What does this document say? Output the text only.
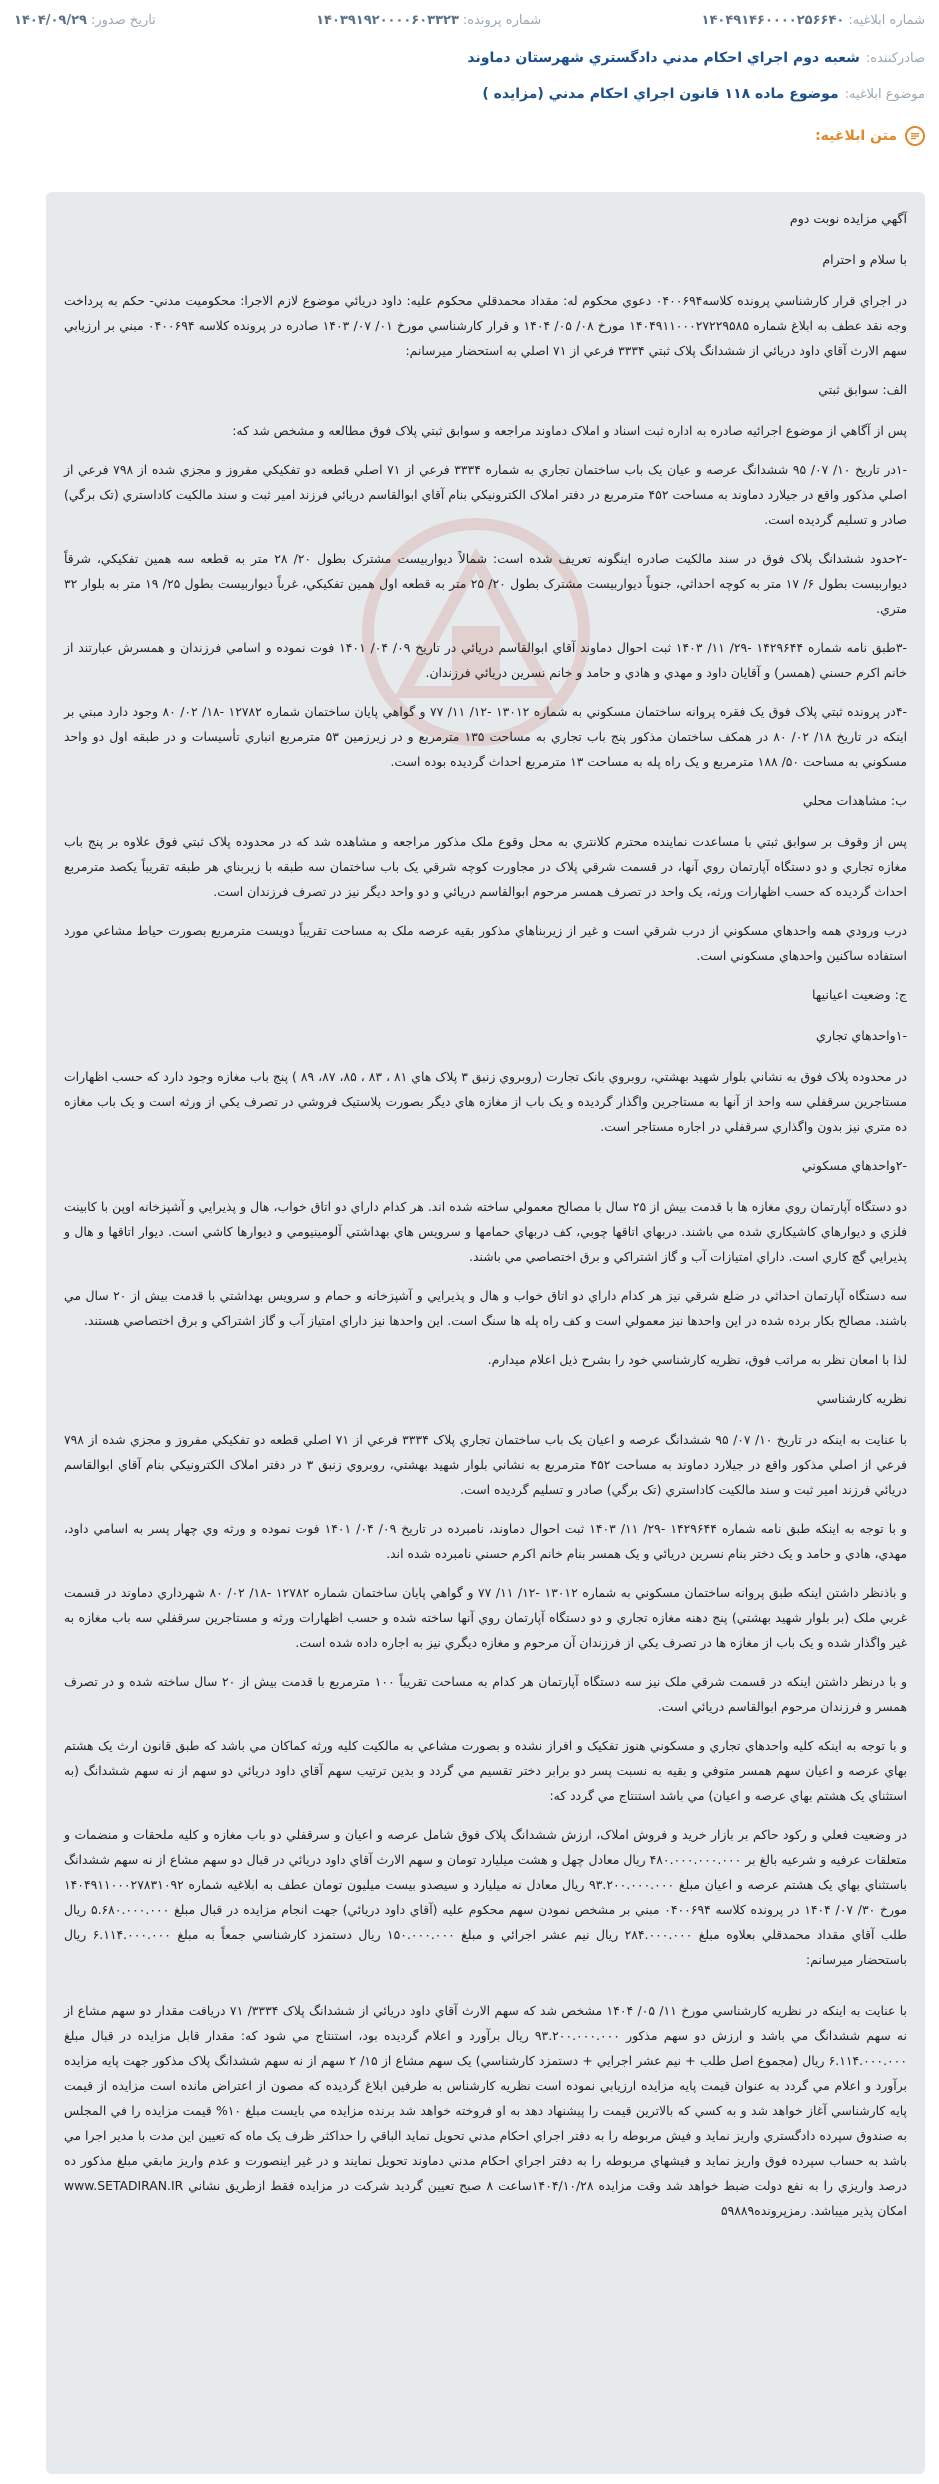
شماره ابلاغيه:
۱۴۰۴۹۱۴۶۰۰۰۰۲۵۶۶۴۰
شماره پرونده:
۱۴۰۳۹۱۹۲۰۰۰۰۶۰۳۳۲۳
تاريخ صدور:
۱۴۰۴/۰۹/۲۹
صادرکننده:
شعبه دوم اجراي احكام مدني دادگستري شهرستان دماوند
موضوع ابلاغيه:
موضوع ماده ۱۱۸ قانون اجراي احكام مدني (مزايده )
متن ابلاغيه:

آگهي مزايده نوبت دوم

با سلام و احترام

در اجراي قرار کارشناسي پرونده کلاسه۰۴۰۰۶۹۴ دعوي محکوم له: مقداد محمدقلي محکوم عليه: داود دريائي موضوع لازم الاجرا: محکوميت مدني- حکم به پرداخت وجه نقد عطف به ابلاغ شماره ۱۴۰۴۹۱۱۰۰۰۲۷۲۲۹۵۸۵ مورخ ۰۸/ ۰۵/ ۱۴۰۴ و قرار کارشناسي مورخ ۰۱/ ۰۷/ ۱۴۰۳ صادره در پرونده کلاسه ۰۴۰۰۶۹۴ مبني بر ارزيابي سهم الارث آقاي داود دريائي از ششدانگ پلاک ثبتي ۳۳۳۴ فرعي از ۷۱ اصلي به استحضار ميرسانم:

الف: سوابق ثبتي

پس از آگاهي از موضوع اجرائيه صادره به اداره ثبت اسناد و املاک دماوند مراجعه و سوابق ثبتي پلاک فوق مطالعه و مشخص شد که:

-۱در تاريخ ۱۰/ ۰۷/ ۹۵ ششدانگ عرصه و عيان يک باب ساختمان تجاري به شماره ۳۳۳۴ فرعي از ۷۱ اصلي قطعه دو تفکيکي مفروز و مجزي شده از ۷۹۸ فرعي از اصلي مذکور واقع در جيلارد دماوند به مساحت ۴۵۲ مترمربع در دفتر املاک الکترونيکي بنام آقاي ابوالقاسم دريائي فرزند امير ثبت و سند مالکيت کاداستري (تک برگي) صادر و تسليم گرديده است.

-۲حدود ششدانگ پلاک فوق در سند مالکيت صادره اينگونه تعريف شده است: شمالاً ديواربيست مشترک بطول ۲۰/ ۲۸ متر به قطعه سه همين تفکيکي، شرقاً ديواربيست بطول ۶/ ۱۷ متر به کوچه احداثي، جنوباً ديواربيست مشترک بطول ۲۰/ ۲۵ متر به قطعه اول همين تفکيکي، غرباً ديواربيست بطول ۲۵/ ۱۹ متر به بلوار ۳۲ متري.

-۳طبق نامه شماره ۱۴۲۹۶۴۴ -۲۹/ ۱۱/ ۱۴۰۳ ثبت احوال دماوند آقاي ابوالقاسم دريائي در تاريخ ۰۹/ ۰۴/ ۱۴۰۱ فوت نموده و اسامي فرزندان و همسرش عبارتند از خانم اکرم حسني (همسر) و آقايان داود و مهدي و هادي و حامد و خانم نسرين دريائي فرزندان.

-۴در پرونده ثبتي پلاک فوق يک فقره پروانه ساختمان مسکوني به شماره ۱۳۰۱۲ -۱۲/ ۱۱/ ۷۷ و گواهي پايان ساختمان شماره ۱۲۷۸۲ -۱۸/ ۰۲/ ۸۰ وجود دارد مبني بر اينکه در تاريخ ۱۸/ ۰۲/ ۸۰ در همکف ساختمان مذکور پنج باب تجاري به مساحت ۱۳۵ مترمربع و در زيرزمين ۵۳ مترمربع انباري تأسيسات و در طبقه اول دو واحد مسکوني به مساحت ۵۰/ ۱۸۸ مترمربع و يک راه پله به مساحت ۱۳ مترمربع احداث گرديده بوده است.

ب: مشاهدات محلي

پس از وقوف بر سوابق ثبتي با مساعدت نماينده محترم کلانتري به محل وقوع ملک مذکور مراجعه و مشاهده شد که در محدوده پلاک ثبتي فوق علاوه بر پنج باب مغازه تجاري و دو دستگاه آپارتمان روي آنها، در قسمت شرقي پلاک در مجاورت کوچه شرقي يک باب ساختمان سه طبقه با زيربناي هر طبقه تقريباً يکصد مترمربع احداث گرديده که حسب اظهارات ورثه، يک واحد در تصرف همسر مرحوم ابوالقاسم دريائي و دو واحد ديگر نيز در تصرف فرزندان است.

درب ورودي همه واحدهاي مسکوني از درب شرقي است و غير از زيربناهاي مذکور بقيه عرصه ملک به مساحت تقريباً دويست مترمربع بصورت حياط مشاعي مورد استفاده ساکنين واحدهاي مسکوني است.

ج: وضعيت اعيانيها

-۱واحدهاي تجاري

در محدوده پلاک فوق به نشاني بلوار شهيد بهشتي، روبروي بانک تجارت (روبروي زنبق ۳ پلاک هاي ۸۱ ، ۸۳ ، ۸۵، ۸۷، ۸۹ ) پنج باب مغازه وجود دارد که حسب اظهارات مستاجرين سرقفلي سه واحد از آنها به مستاجرين واگذار گرديده و يک باب از مغازه هاي ديگر بصورت پلاستيک فروشي در تصرف يکي از ورثه است و يک باب مغازه ده متري نيز بدون واگذاري سرقفلي در اجاره مستاجر است.

-۲واحدهاي مسکوني

دو دستگاه آپارتمان روي مغازه ها با قدمت بيش از ۲۵ سال با مصالح معمولي ساخته شده اند. هر کدام داراي دو اتاق خواب، هال و پذيرايي و آشپزخانه اوپن با کابينت فلزي و ديوارهاي کاشيکاري شده مي باشند. دربهاي اتاقها چوبي، کف دربهاي حمامها و سرويس هاي بهداشتي آلومينيومي و ديوارها کاشي است. ديوار اتاقها و هال و پذيرايي گچ کاري است. داراي امتيازات آب و گاز اشتراکي و برق اختصاصي مي باشند.

سه دستگاه آپارتمان احداثي در ضلع شرقي نيز هر کدام داراي دو اتاق خواب و هال و پذيرايي و آشپزخانه و حمام و سرويس بهداشتي با قدمت بيش از ۲۰ سال مي باشند. مصالح بکار برده شده در اين واحدها نيز معمولي است و کف راه پله ها سنگ است. اين واحدها نيز داراي امتياز آب و گاز اشتراکي و برق اختصاصي هستند.

لذا با امعان نظر به مراتب فوق، نظريه کارشناسي خود را بشرح ذيل اعلام ميدارم.

نظريه کارشناسي

با عنايت به اينکه در تاريخ ۱۰/ ۰۷/ ۹۵ ششدانگ عرصه و اعيان يک باب ساختمان تجاري پلاک ۳۳۳۴ فرعي از ۷۱ اصلي قطعه دو تفکيکي مفروز و مجزي شده از ۷۹۸ فرعي از اصلي مذکور واقع در جيلارد دماوند به مساحت ۴۵۲ مترمربع به نشاني بلوار شهيد بهشتي، روبروي زنبق ۳ در دفتر املاک الکترونيکي بنام آقاي ابوالقاسم دريائي فرزند امير ثبت و سند مالکيت کاداستري (تک برگي) صادر و تسليم گرديده است.

و با توجه به اينکه طبق نامه شماره ۱۴۲۹۶۴۴ -۲۹/ ۱۱/ ۱۴۰۳ ثبت احوال دماوند، نامبرده در تاريخ ۰۹/ ۰۴/ ۱۴۰۱ فوت نموده و ورثه وي چهار پسر به اسامي داود، مهدي، هادي و حامد و يک دختر بنام نسرين دريائي و يک همسر بنام خانم اکرم حسني نامبرده شده اند.

و باذنظر داشتن اينکه طبق پروانه ساختمان مسکوني به شماره ۱۳۰۱۲ -۱۲/ ۱۱/ ۷۷ و گواهي پايان ساختمان شماره ۱۲۷۸۲ -۱۸/ ۰۲/ ۸۰ شهرداري دماوند در قسمت غربي ملک (بر بلوار شهيد بهشتي) پنج دهنه مغازه تجاري و دو دستگاه آپارتمان روي آنها ساخته شده و حسب اظهارات ورثه و مستاجرين سرقفلي سه باب مغازه به غير واگذار شده و يک باب از مغازه ها در تصرف يکي از فرزندان آن مرحوم و مغازه ديگري نيز به اجاره داده شده است.

و با درنظر داشتن اينکه در قسمت شرقي ملک نيز سه دستگاه آپارتمان هر کدام به مساحت تقريباً ۱۰۰ مترمربع با قدمت بيش از ۲۰ سال ساخته شده و در تصرف همسر و فرزندان مرحوم ابوالقاسم دريائي است.

و با توجه به اينکه کليه واحدهاي تجاري و مسکوني هنوز تفکيک و افراز نشده و بصورت مشاعي به مالکيت کليه ورثه کماکان مي باشد که طبق قانون ارث يک هشتم بهاي عرصه و اعيان سهم همسر متوفي و بقيه به نسبت پسر دو برابر دختر تقسيم مي گردد و بدين ترتيب سهم آقاي داود دريائي دو سهم از نه سهم ششدانگ (به استثناي يک هشتم بهاي عرصه و اعيان) مي باشد استنتاج مي گردد که:

در وضعيت فعلي و رکود حاکم بر بازار خريد و فروش املاک، ارزش ششدانگ پلاک فوق شامل عرصه و اعيان و سرقفلي دو باب مغازه و کليه ملحقات و منضمات و متعلقات عرفيه و شرعيه بالغ بر ۴۸۰.۰۰۰.۰۰۰.۰۰۰ ريال معادل چهل و هشت ميليارد تومان و سهم الارث آقاي داود دريائي در قبال دو سهم مشاع از نه سهم ششدانگ باستثناي بهاي يک هشتم عرصه و اعيان مبلغ ۹۳.۲۰۰.۰۰۰.۰۰۰ ريال معادل نه ميليارد و سيصدو بيست ميليون تومان عطف به ابلاغيه شماره ۱۴۰۴۹۱۱۰۰۰۲۷۸۳۱۰۹۲ مورخ ۳۰/ ۰۷/ ۱۴۰۴ در پرونده کلاسه ۰۴۰۰۶۹۴ مبني بر مشخص نمودن سهم محکوم عليه (آقاي داود دريائي) جهت انجام مزايده در قبال مبلغ ۵.۶۸۰.۰۰۰.۰۰۰ ريال طلب آقاي مقداد محمدقلي بعلاوه مبلغ ۲۸۴.۰۰۰.۰۰۰ ريال نيم عشر اجرائي و مبلغ ۱۵۰.۰۰۰.۰۰۰ ريال دستمزد کارشناسي جمعاً به مبلغ ۶.۱۱۴.۰۰۰.۰۰۰ ريال باستحضار ميرسانم:

با عنايت به اينکه در نظريه کارشناسي مورخ ۱۱/ ۰۵/ ۱۴۰۴ مشخص شد که سهم الارث آقاي داود دريائي از ششدانگ پلاک ۳۳۳۴/ ۷۱ دريافت مقدار دو سهم مشاع از نه سهم ششدانگ مي باشد و ارزش دو سهم مذکور ۹۳.۲۰۰.۰۰۰.۰۰۰ ريال برآورد و اعلام گرديده بود، استنتاج مي شود که: مقدار قابل مزايده در قبال مبلغ ۶.۱۱۴.۰۰۰.۰۰۰ ريال (مجموع اصل طلب + نيم عشر اجرايي + دستمزد کارشناسي) يک سهم مشاع از ۱۵/ ۲ سهم از نه سهم ششدانگ پلاک مذکور جهت پايه مزايده برآورد و اعلام مي گردد به عنوان قيمت پايه مزايده ارزيابي نموده است نظريه کارشناس به طرفين ابلاغ گرديده که مصون از اعتراض مانده است مزايده از قيمت پايه کارشناسي آغاز خواهد شد و به کسي که بالاترين قيمت را پيشنهاد دهد به او فروخته خواهد شد برنده مزايده مي بايست مبلغ ۱۰% قيمت مزايده را في المجلس به صندوق سپرده دادگستري واريز نمايد و فيش مربوطه را به دفتر اجراي احکام مدني تحويل نمايد الباقي را حداکثر ظرف يک ماه که تعيين اين مدت با مدير اجرا مي باشد به حساب سپرده فوق واريز نمايد و فيشهاي مربوطه را به دفتر اجراي احکام مدني دماوند تحويل نمايند و در غير اينصورت و عدم واريز مابقي مبلغ مذکور ده درصد واريزي را به نفع دولت ضبط خواهد شد وقت مزايده ۱۴۰۴/۱۰/۲۸ساعت ۸ صبح تعيين گرديد شرکت در مزايده فقط ازطريق نشاني www.SETADIRAN.IR امکان پذير ميباشد. رمزپرونده۵۹۸۸۹
